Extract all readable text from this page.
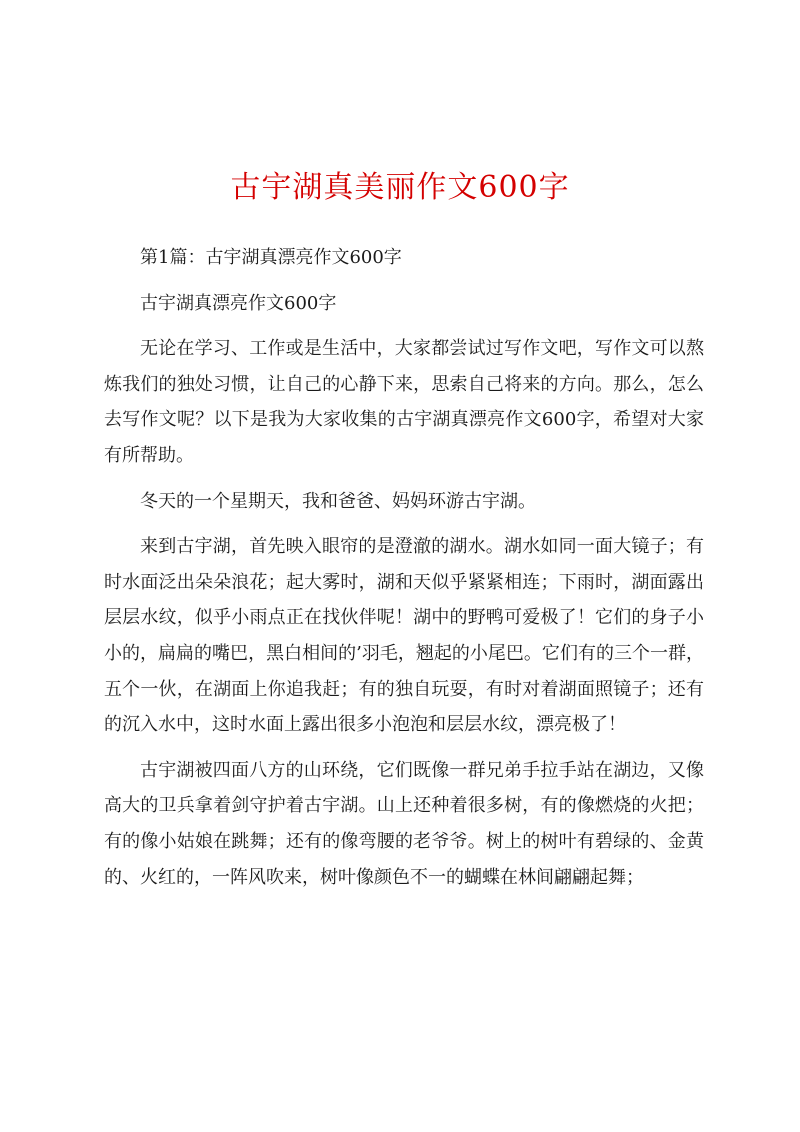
古宇湖真美丽作文600字

第1篇：古宇湖真漂亮作文600字

古宇湖真漂亮作文600字

无论在学习、工作或是生活中，大家都尝试过写作文吧，写作文可以熬炼我们的独处习惯，让自己的心静下来，思索自己将来的方向。那么，怎么去写作文呢？以下是我为大家收集的古宇湖真漂亮作文600字，希望对大家有所帮助。

冬天的一个星期天，我和爸爸、妈妈环游古宇湖。

来到古宇湖，首先映入眼帘的是澄澈的湖水。湖水如同一面大镜子；有时水面泛出朵朵浪花；起大雾时，湖和天似乎紧紧相连；下雨时，湖面露出层层水纹，似乎小雨点正在找伙伴呢！湖中的野鸭可爱极了！它们的身子小小的，扁扁的嘴巴，黑白相间的’羽毛，翘起的小尾巴。它们有的三个一群，五个一伙，在湖面上你追我赶；有的独自玩耍，有时对着湖面照镜子；还有的沉入水中，这时水面上露出很多小泡泡和层层水纹，漂亮极了！

古宇湖被四面八方的山环绕，它们既像一群兄弟手拉手站在湖边，又像高大的卫兵拿着剑守护着古宇湖。山上还种着很多树，有的像燃烧的火把；有的像小姑娘在跳舞；还有的像弯腰的老爷爷。树上的树叶有碧绿的、金黄的、火红的，一阵风吹来，树叶像颜色不一的蝴蝶在林间翩翩起舞；
